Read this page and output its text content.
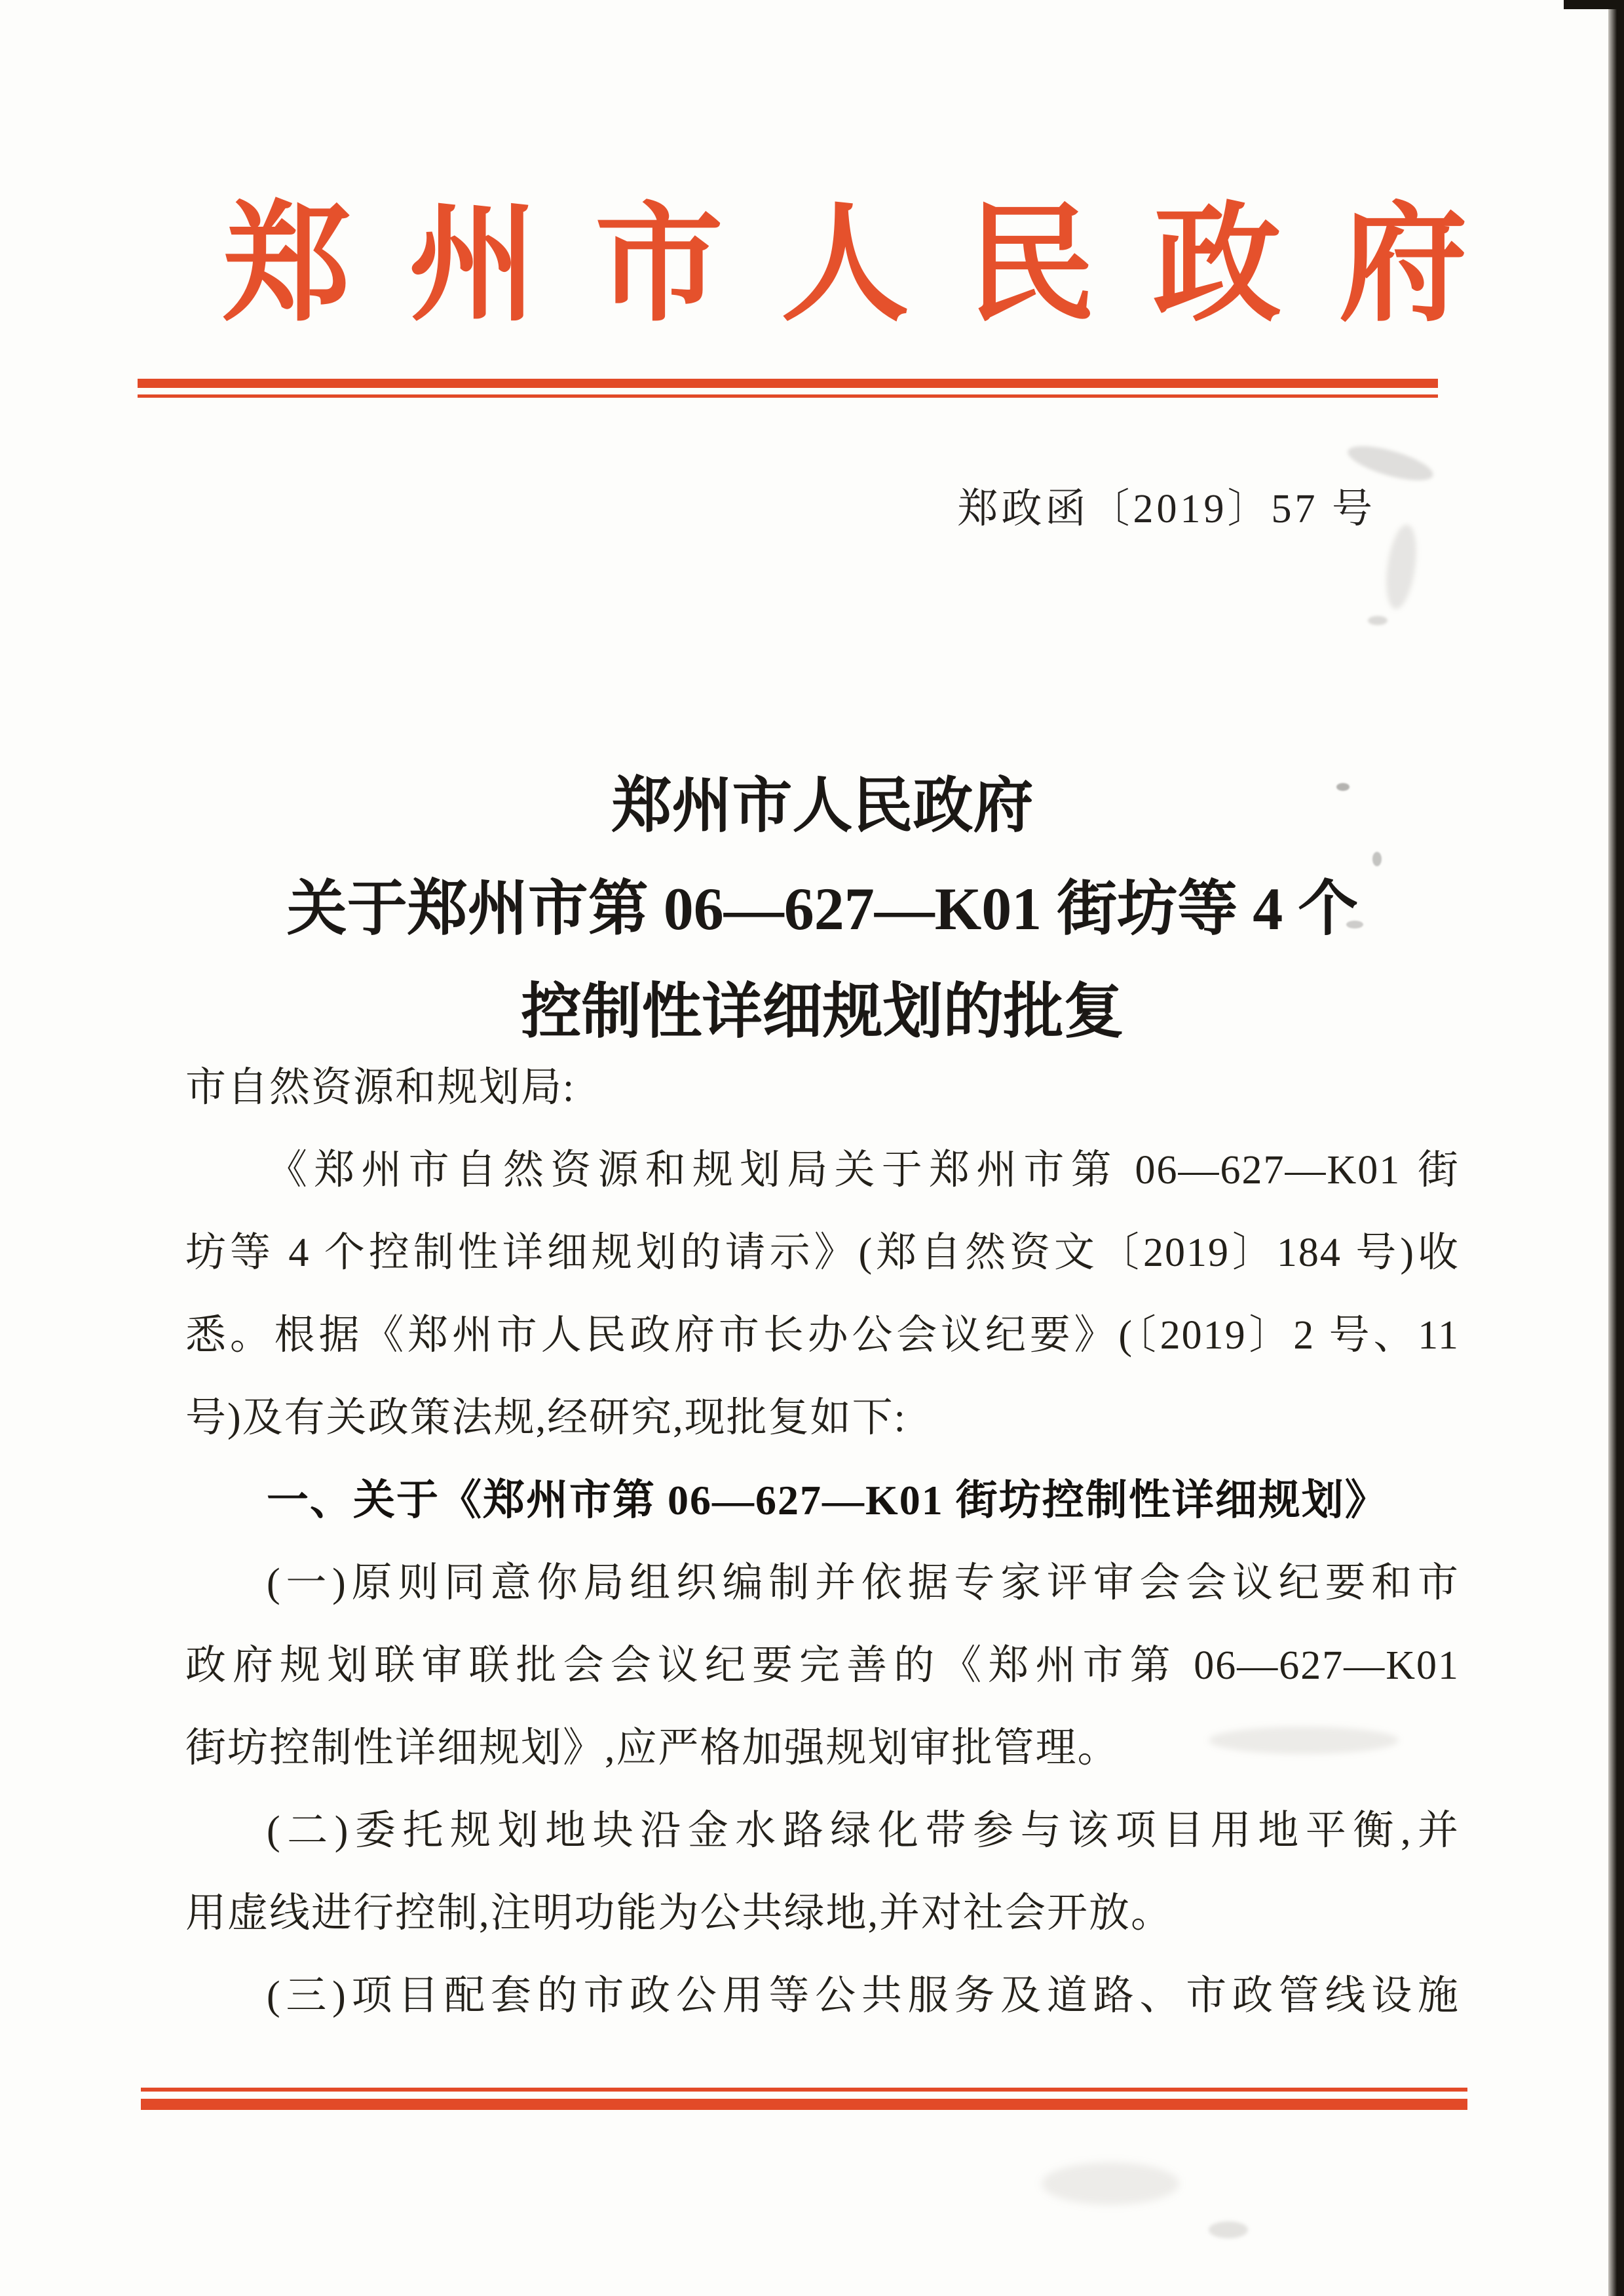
郑 州 市 人 民 政 府
郑政函〔2019〕57 号
郑州市人民政府
关于郑州市第 06—627—K01 街坊等 4 个
控制性详细规划的批复
市自然资源和规划局:
《郑州市自然资源和规划局关于郑州市第 06—627—K01 街
坊等 4 个控制性详细规划的请示》(郑自然资文〔2019〕184 号)收
悉。根据《郑州市人民政府市长办公会议纪要》(〔2019〕2 号、11
号)及有关政策法规,经研究,现批复如下:
一、关于《郑州市第 06—627—K01 街坊控制性详细规划》
(一)原则同意你局组织编制并依据专家评审会会议纪要和市
政府规划联审联批会会议纪要完善的《郑州市第 06—627—K01
街坊控制性详细规划》,应严格加强规划审批管理。
(二)委托规划地块沿金水路绿化带参与该项目用地平衡,并
用虚线进行控制,注明功能为公共绿地,并对社会开放。
(三)项目配套的市政公用等公共服务及道路、市政管线设施
